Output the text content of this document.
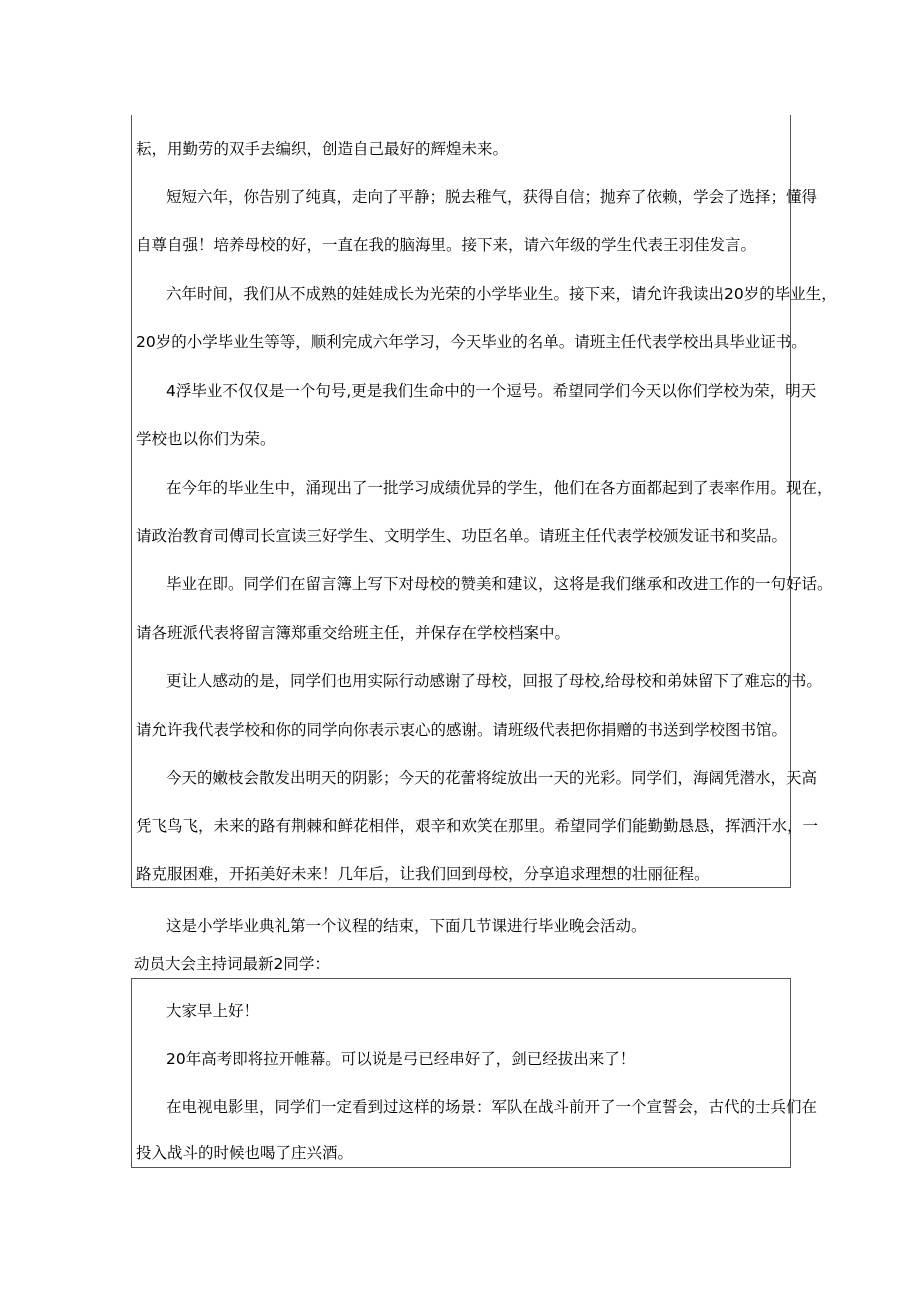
耘，用勤劳的双手去编织，创造自己最好的辉煌未来。
短短六年，你告别了纯真，走向了平静；脱去稚气，获得自信；抛弃了依赖，学会了选择；懂得
自尊自强！培养母校的好，一直在我的脑海里。接下来，请六年级的学生代表王羽佳发言。
六年时间，我们从不成熟的娃娃成长为光荣的小学毕业生。接下来，请允许我读出20岁的毕业生，
20岁的小学毕业生等等，顺利完成六年学习，今天毕业的名单。请班主任代表学校出具毕业证书。
4浮毕业不仅仅是一个句号,更是我们生命中的一个逗号。希望同学们今天以你们学校为荣，明天
学校也以你们为荣。
在今年的毕业生中，涌现出了一批学习成绩优异的学生，他们在各方面都起到了表率作用。现在，
请政治教育司傅司长宣读三好学生、文明学生、功臣名单。请班主任代表学校颁发证书和奖品。
毕业在即。同学们在留言簿上写下对母校的赞美和建议，这将是我们继承和改进工作的一句好话。
请各班派代表将留言簿郑重交给班主任，并保存在学校档案中。
更让人感动的是，同学们也用实际行动感谢了母校，回报了母校,给母校和弟妹留下了难忘的书。
请允许我代表学校和你的同学向你表示衷心的感谢。请班级代表把你捐赠的书送到学校图书馆。
今天的嫩枝会散发出明天的阴影；今天的花蕾将绽放出一天的光彩。同学们，海阔凭潜水，天高
凭飞鸟飞，未来的路有荆棘和鲜花相伴，艰辛和欢笑在那里。希望同学们能勤勤恳恳，挥洒汗水，一
路克服困难，开拓美好未来！几年后，让我们回到母校，分享追求理想的壮丽征程。
这是小学毕业典礼第一个议程的结束，下面几节课进行毕业晚会活动。
动员大会主持词最新2同学：
大家早上好！
20年高考即将拉开帷幕。可以说是弓已经串好了，剑已经拔出来了！
在电视电影里，同学们一定看到过这样的场景：军队在战斗前开了一个宣誓会，古代的士兵们在
投入战斗的时候也喝了庄兴酒。
